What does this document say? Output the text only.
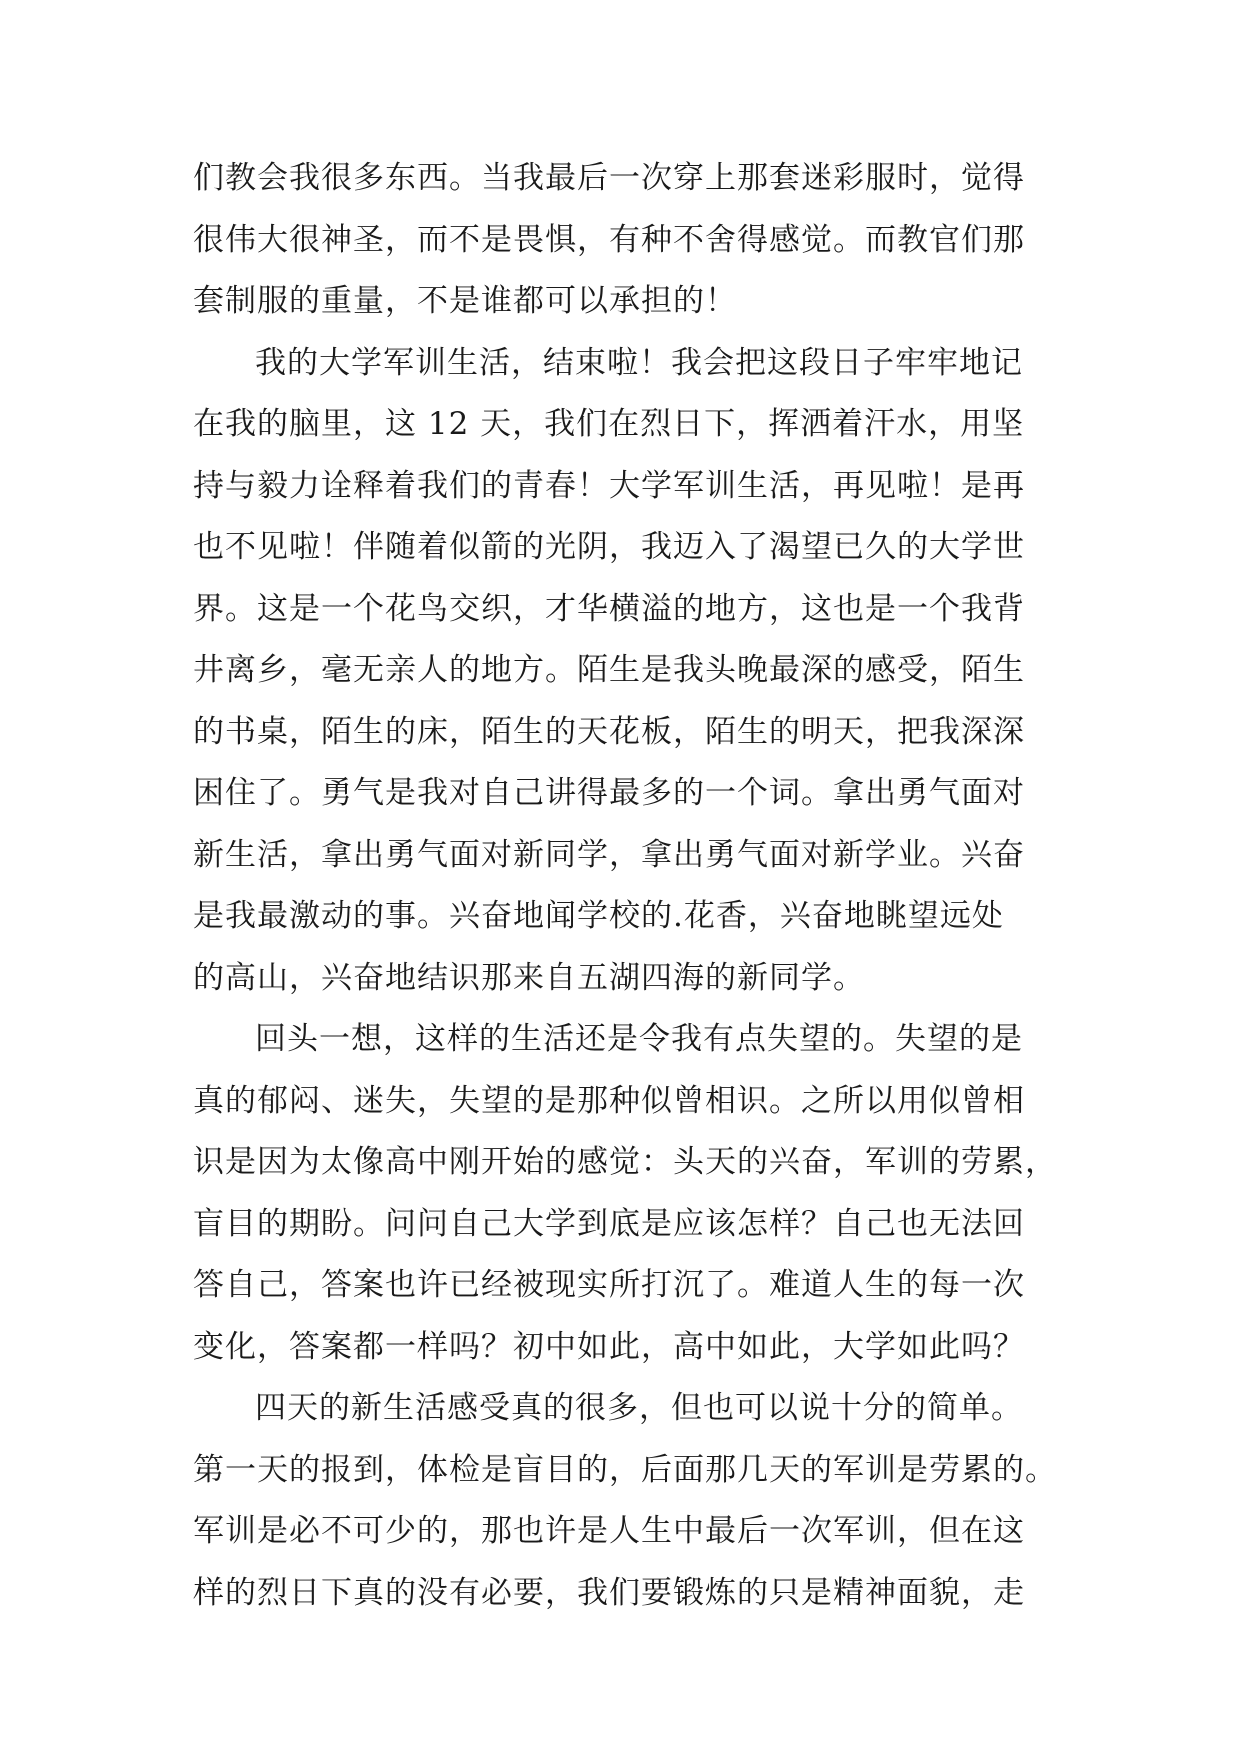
们教会我很多东西。当我最后一次穿上那套迷彩服时，觉得
很伟大很神圣，而不是畏惧，有种不舍得感觉。而教官们那
套制服的重量，不是谁都可以承担的！
我的大学军训生活，结束啦！我会把这段日子牢牢地记
在我的脑里，这 12 天，我们在烈日下，挥洒着汗水，用坚
持与毅力诠释着我们的青春！大学军训生活，再见啦！是再
也不见啦！伴随着似箭的光阴，我迈入了渴望已久的大学世
界。这是一个花鸟交织，才华横溢的地方，这也是一个我背
井离乡，毫无亲人的地方。陌生是我头晚最深的感受，陌生
的书桌，陌生的床，陌生的天花板，陌生的明天，把我深深
困住了。勇气是我对自己讲得最多的一个词。拿出勇气面对
新生活，拿出勇气面对新同学，拿出勇气面对新学业。兴奋
是我最激动的事。兴奋地闻学校的.花香，兴奋地眺望远处
的高山，兴奋地结识那来自五湖四海的新同学。
回头一想，这样的生活还是令我有点失望的。失望的是
真的郁闷、迷失，失望的是那种似曾相识。之所以用似曾相
识是因为太像高中刚开始的感觉：头天的兴奋，军训的劳累，
盲目的期盼。问问自己大学到底是应该怎样？自己也无法回
答自己，答案也许已经被现实所打沉了。难道人生的每一次
变化，答案都一样吗？初中如此，高中如此，大学如此吗？
四天的新生活感受真的很多，但也可以说十分的简单。
第一天的报到，体检是盲目的，后面那几天的军训是劳累的。
军训是必不可少的，那也许是人生中最后一次军训，但在这
样的烈日下真的没有必要，我们要锻炼的只是精神面貌，走
